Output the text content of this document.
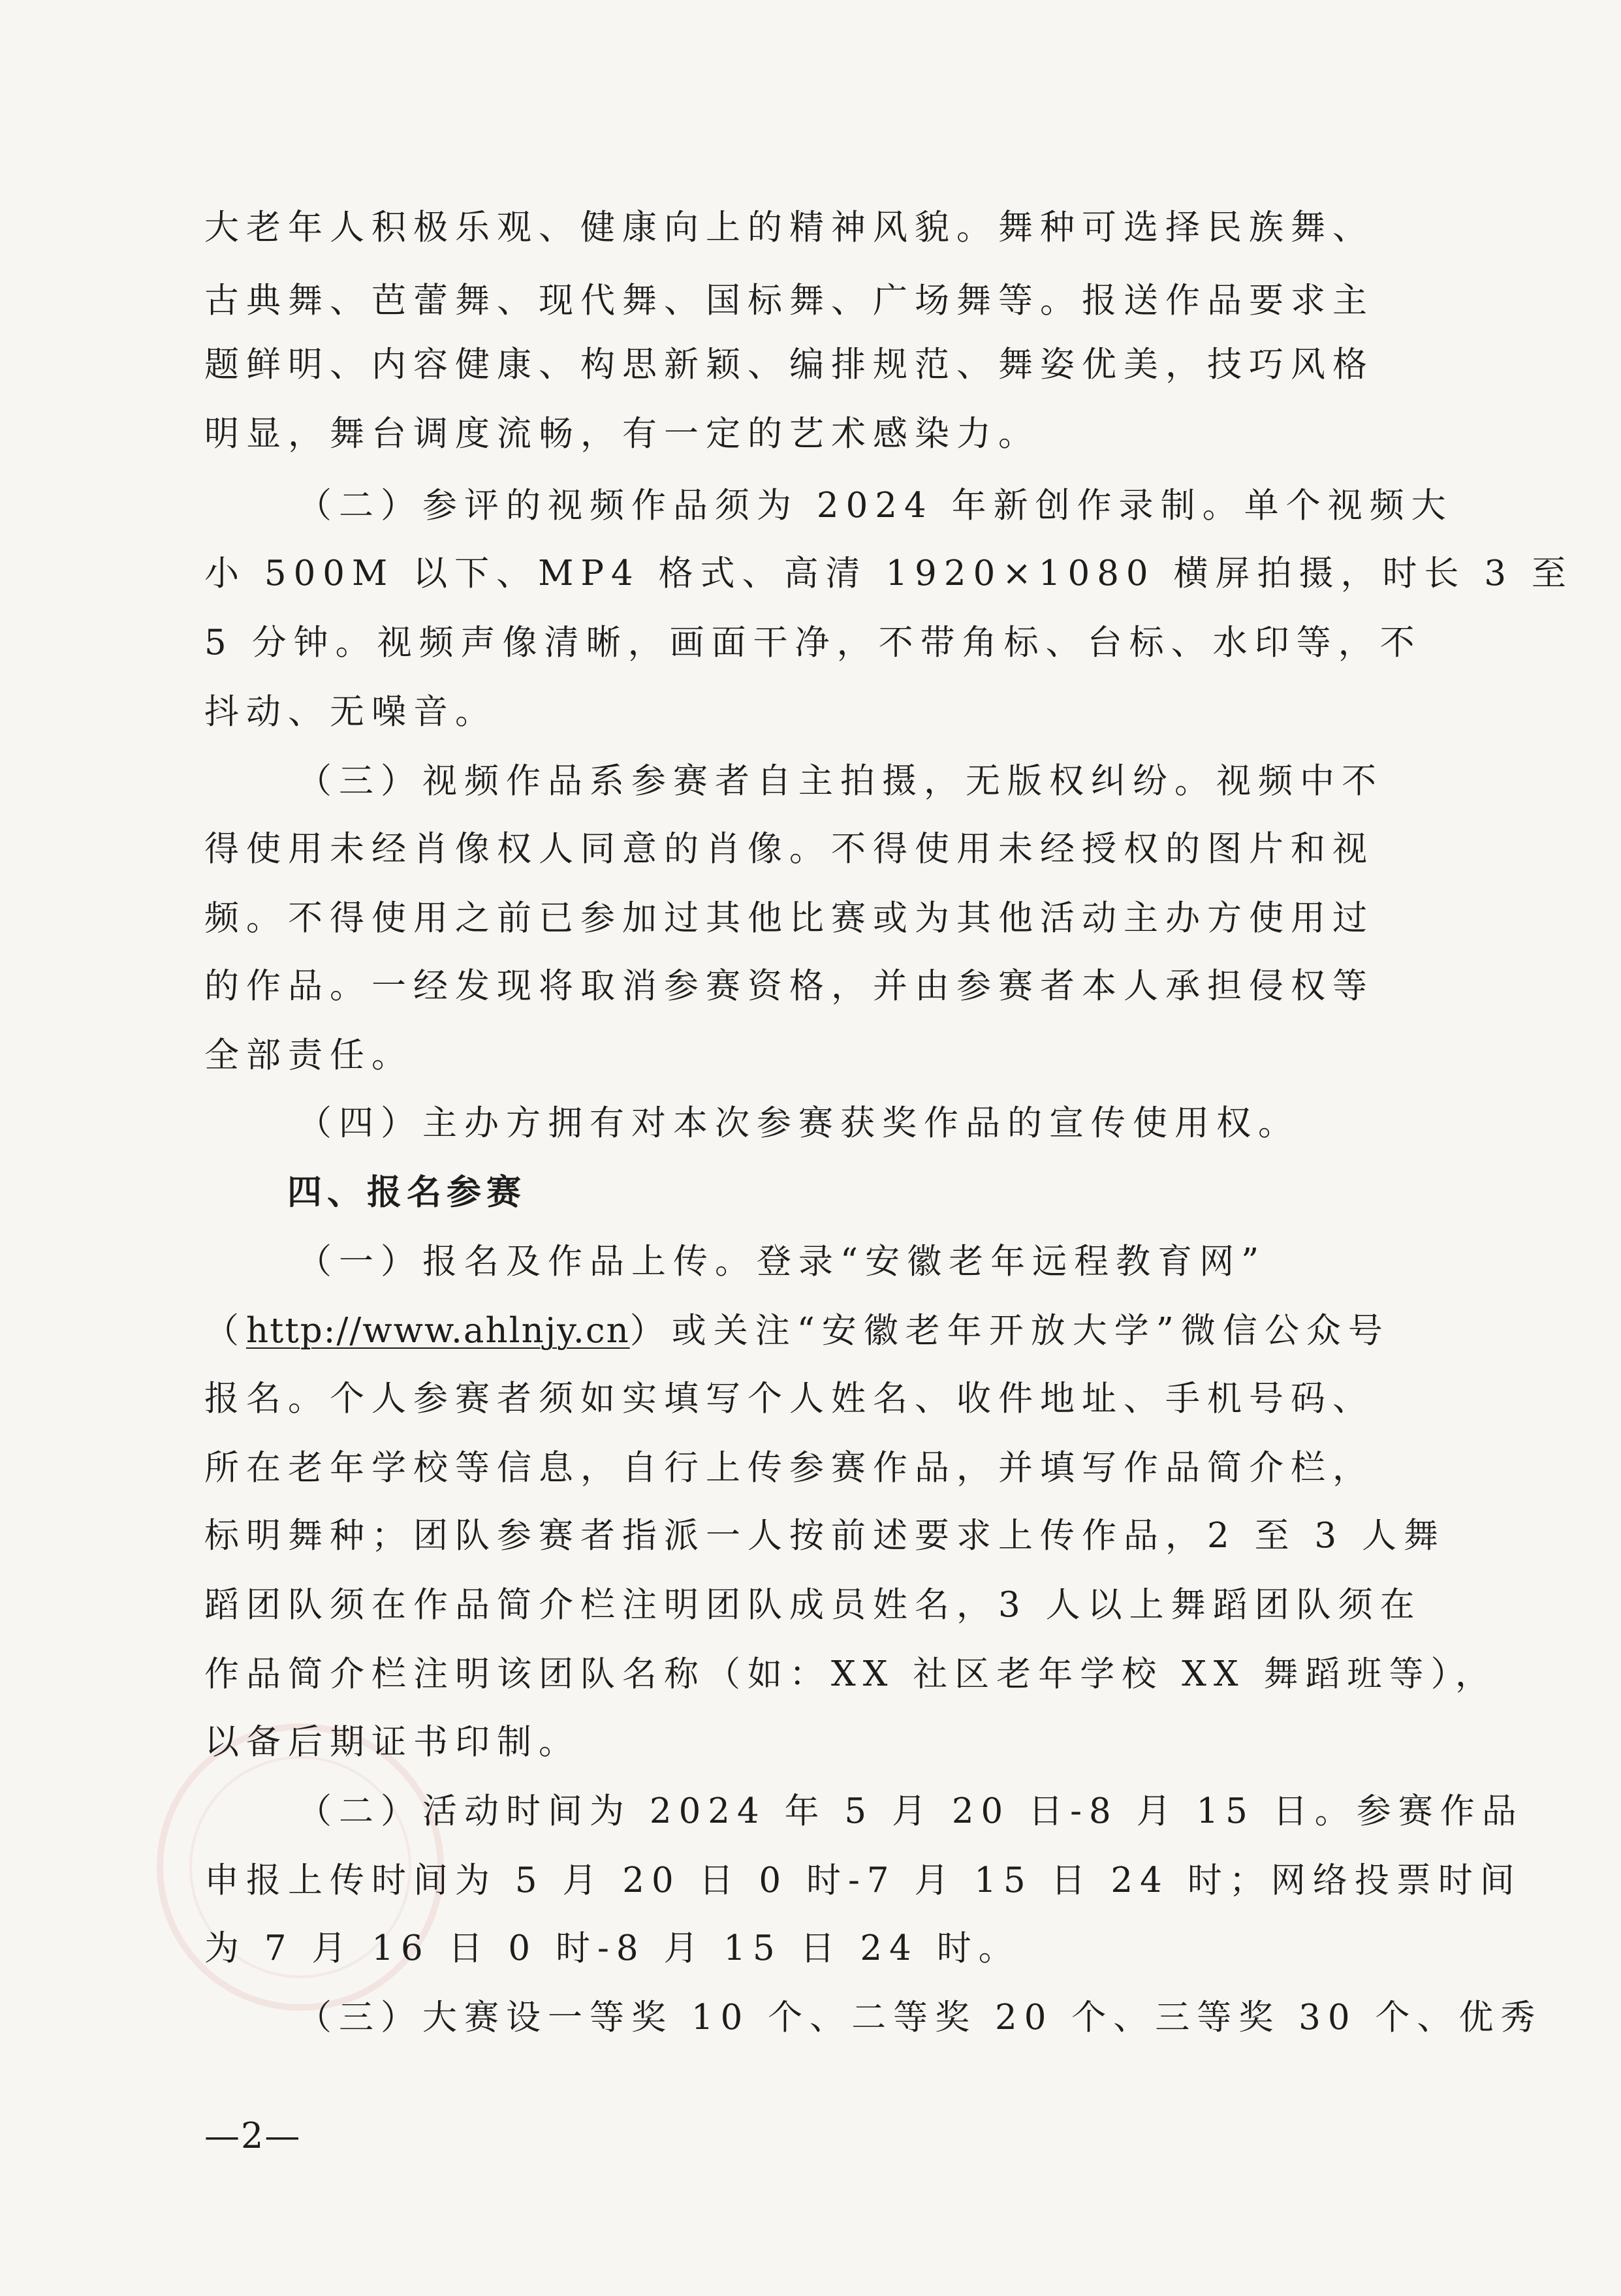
大老年人积极乐观、健康向上的精神风貌。舞种可选择民族舞、
古典舞、芭蕾舞、现代舞、国标舞、广场舞等。报送作品要求主
题鲜明、内容健康、构思新颖、编排规范、舞姿优美，技巧风格
明显，舞台调度流畅，有一定的艺术感染力。
（二）参评的视频作品须为 2024 年新创作录制。单个视频大
小 500M 以下、MP4 格式、高清 1920×1080 横屏拍摄，时长 3 至
5 分钟。视频声像清晰，画面干净，不带角标、台标、水印等，不
抖动、无噪音。
（三）视频作品系参赛者自主拍摄，无版权纠纷。视频中不
得使用未经肖像权人同意的肖像。不得使用未经授权的图片和视
频。不得使用之前已参加过其他比赛或为其他活动主办方使用过
的作品。一经发现将取消参赛资格，并由参赛者本人承担侵权等
全部责任。
（四）主办方拥有对本次参赛获奖作品的宣传使用权。
四、报名参赛
（一）报名及作品上传。登录“安徽老年远程教育网”
（http://www.ahlnjy.cn）或关注“安徽老年开放大学”微信公众号
报名。个人参赛者须如实填写个人姓名、收件地址、手机号码、
所在老年学校等信息，自行上传参赛作品，并填写作品简介栏，
标明舞种；团队参赛者指派一人按前述要求上传作品，2 至 3 人舞
蹈团队须在作品简介栏注明团队成员姓名，3 人以上舞蹈团队须在
作品简介栏注明该团队名称（如：XX 社区老年学校 XX 舞蹈班等），
以备后期证书印制。
（二）活动时间为 2024 年 5 月 20 日-8 月 15 日。参赛作品
申报上传时间为 5 月 20 日 0 时-7 月 15 日 24 时；网络投票时间
为 7 月 16 日 0 时-8 月 15 日 24 时。
（三）大赛设一等奖 10 个、二等奖 20 个、三等奖 30 个、优秀
—2—
